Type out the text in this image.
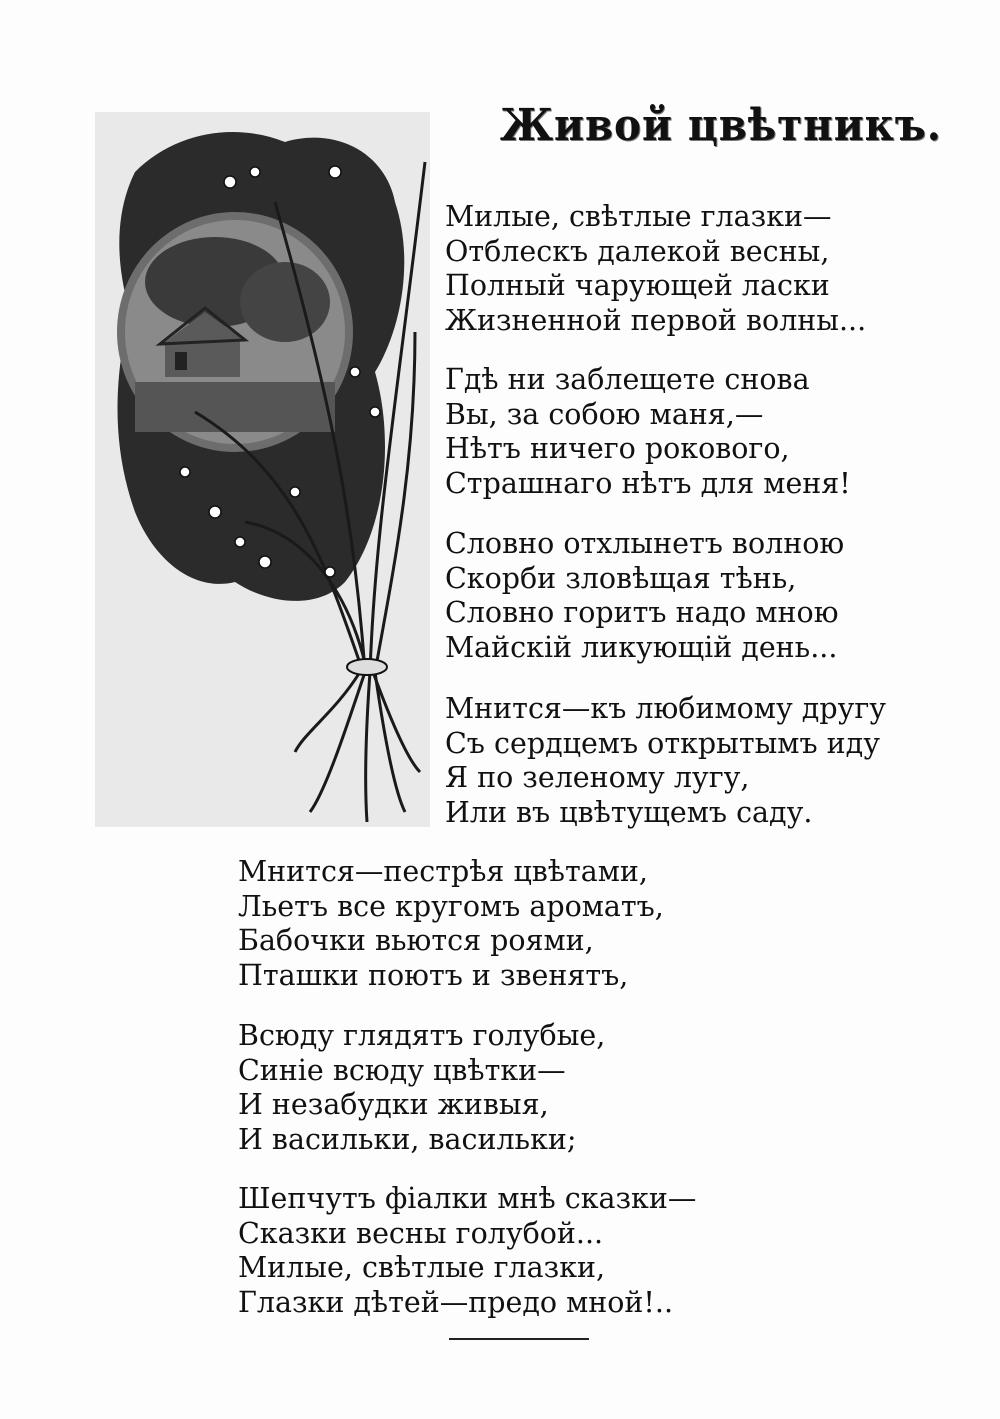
Живой цвѣтникъ.
Милые, свѣтлые глазки—
Отблескъ далекой весны,
Полный чарующей ласки
Жизненной первой волны...
Гдѣ ни заблещете снова
Вы, за собою маня,—
Нѣтъ ничего рокового,
Страшнаго нѣтъ для меня!
Словно отхлынетъ волною
Скорби зловѣщая тѣнь,
Словно горитъ надо мною
Майскій ликующій день...
Мнится—къ любимому другу
Съ сердцемъ открытымъ иду
Я по зеленому лугу,
Или въ цвѣтущемъ саду.
Мнится—пестрѣя цвѣтами,
Льетъ все кругомъ ароматъ,
Бабочки вьются роями,
Пташки поютъ и звенятъ,
Всюду глядятъ голубые,
Синіе всюду цвѣтки—
И незабудки живыя,
И васильки, васильки;
Шепчутъ фіалки мнѣ сказки—
Сказки весны голубой...
Милые, свѣтлые глазки,
Глазки дѣтей—предо мной!..
